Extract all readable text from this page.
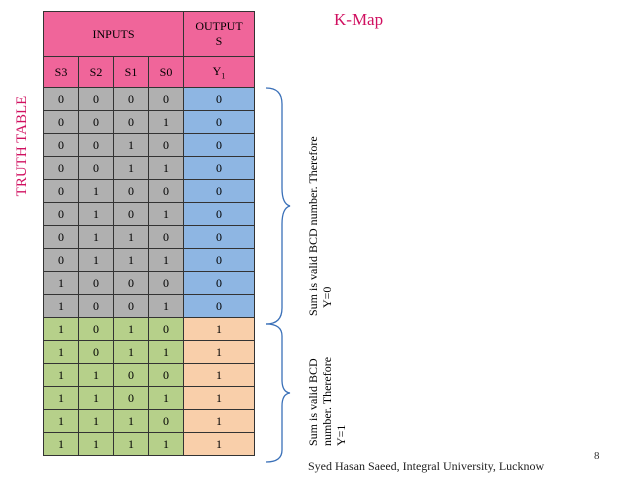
K-Map
TRUTH TABLE
INPUTS				OUTPUT
S
S3	S2	S1	S0	$Y_1$
0	0	0	0	0
0	0	0	1	0
0	0	1	0	0
0	0	1	1	0
0	1	0	0	0
0	1	0	1	0
0	1	1	0	0
0	1	1	1	0
1	0	0	0	0
1	0	0	1	0
1	0	1	0	1
1	0	1	1	1
1	1	0	0	1
1	1	0	1	1
1	1	1	0	1
1	1	1	1	1
Sum is valid BCD number. Therefore Y=0
Sum is valid BCD number. Therefore Y=1
Syed Hasan Saeed, Integral University, Lucknow
8
